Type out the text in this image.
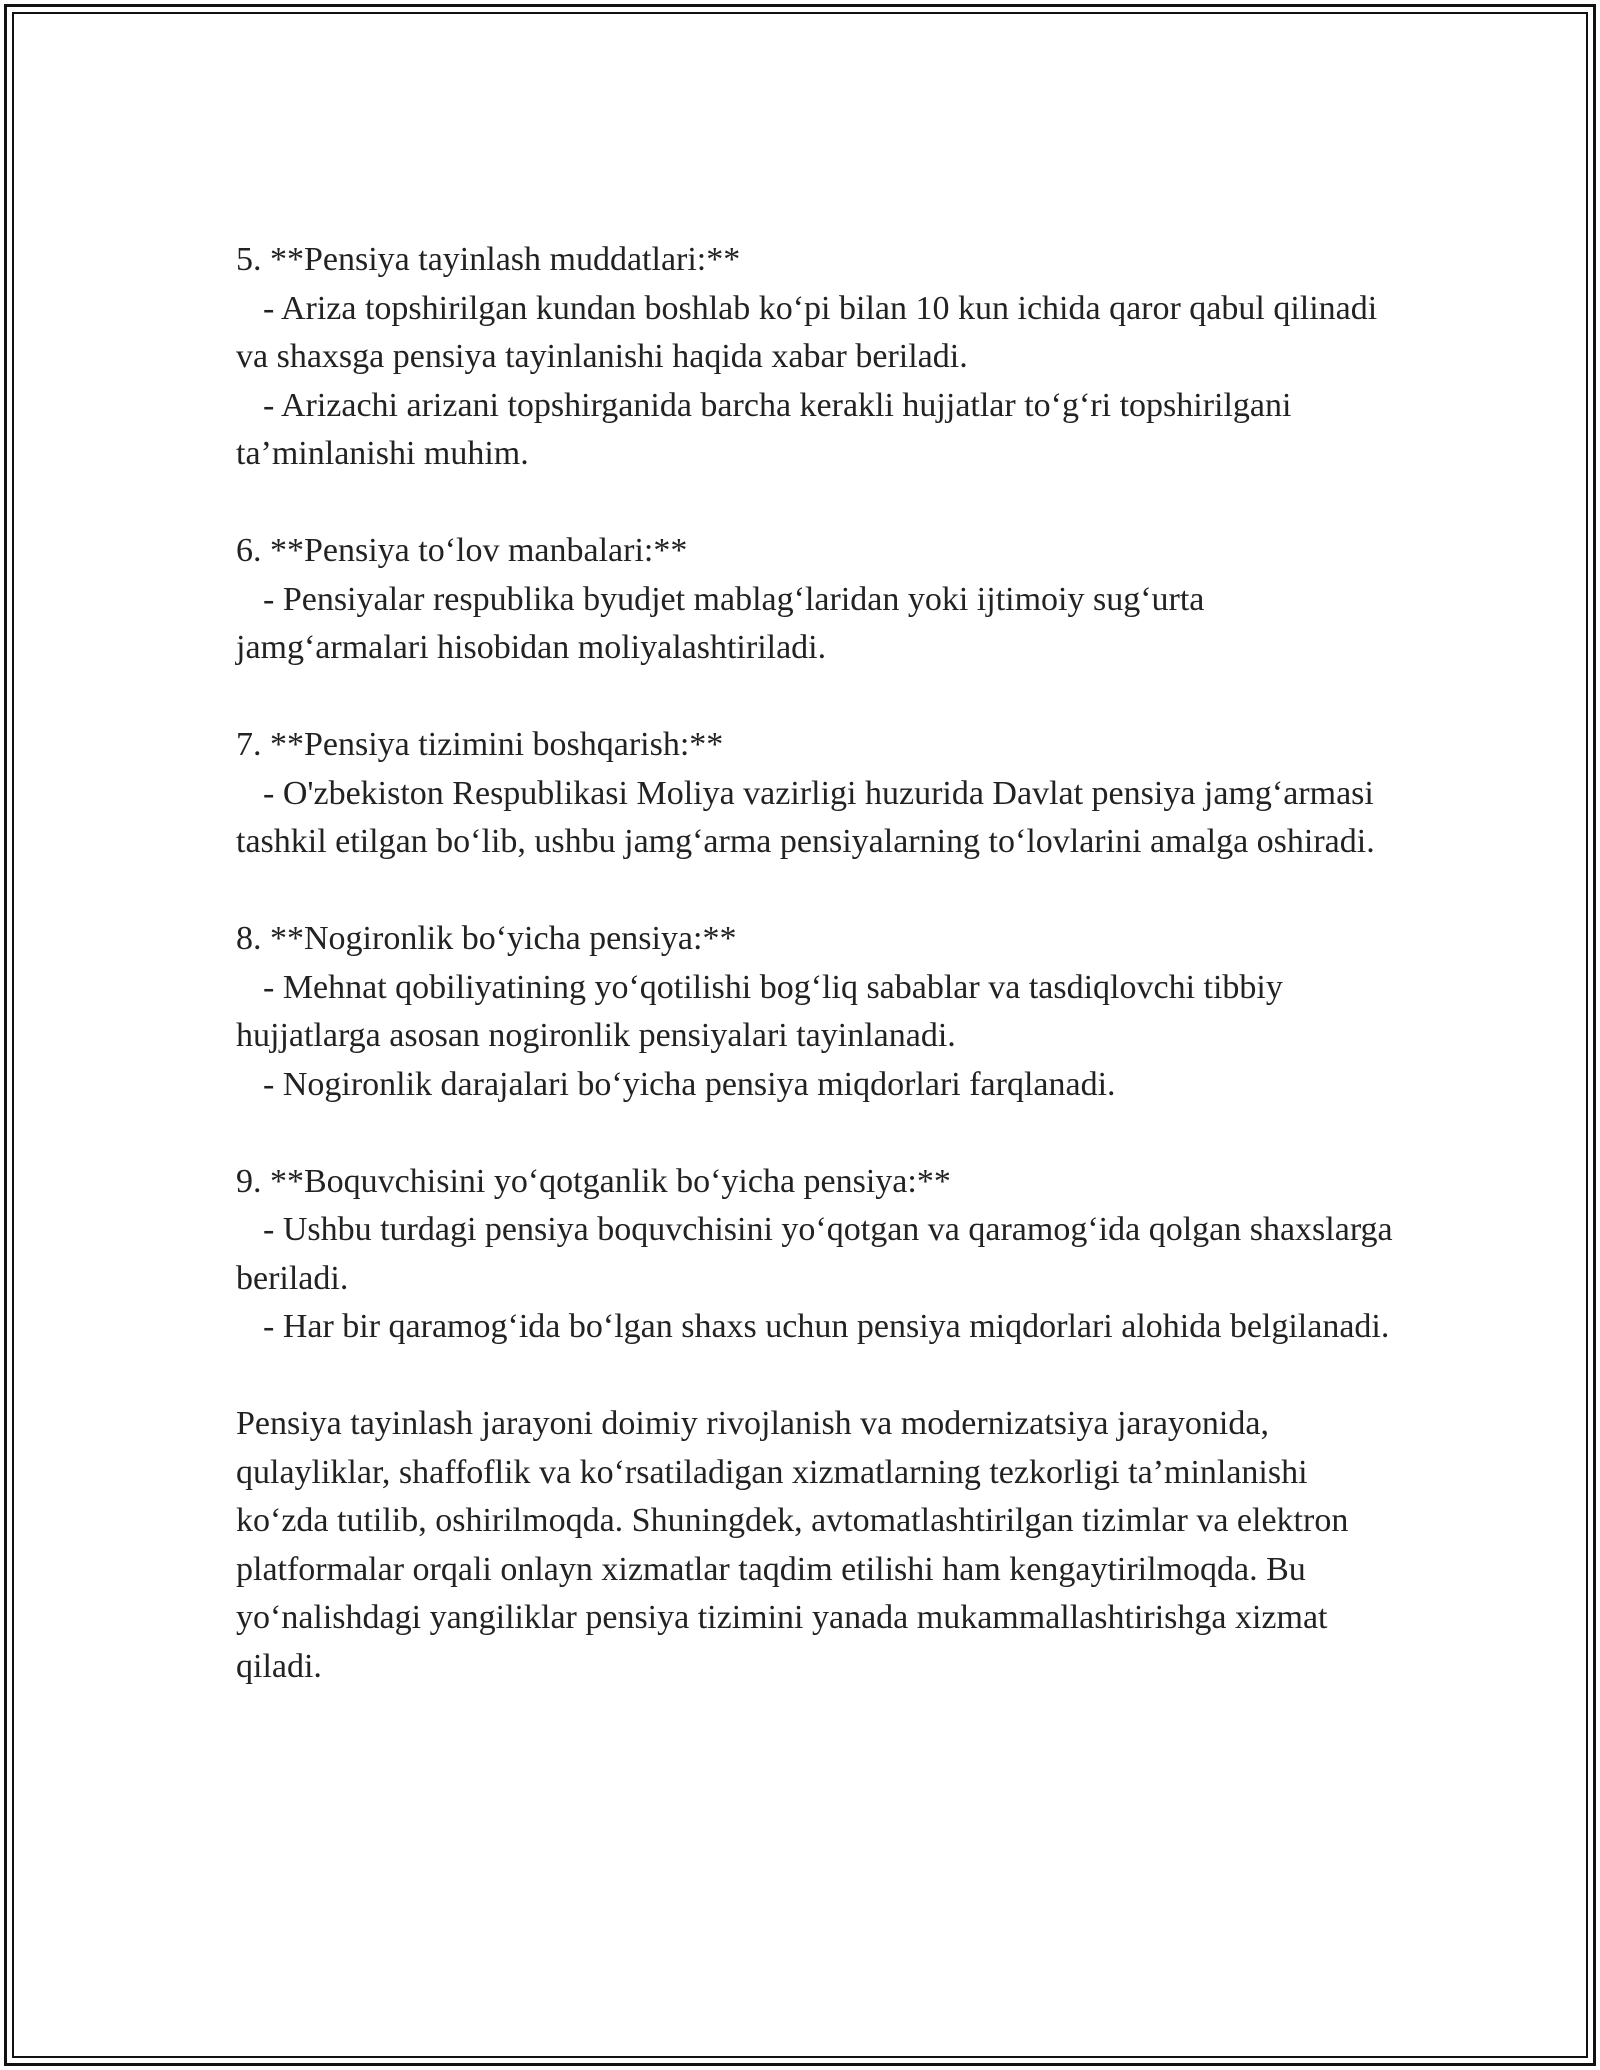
5. **Pensiya tayinlash muddatlari:**

- Ariza topshirilgan kundan boshlab ko‘pi bilan 10 kun ichida qaror qabul qilinadi va shaxsga pensiya tayinlanishi haqida xabar beriladi.

- Arizachi arizani topshirganida barcha kerakli hujjatlar to‘g‘ri topshirilgani ta’minlanishi muhim.

6. **Pensiya to‘lov manbalari:**

- Pensiyalar respublika byudjet mablag‘laridan yoki ijtimoiy sug‘urta jamg‘armalari hisobidan moliyalashtiriladi.

7. **Pensiya tizimini boshqarish:**

- O'zbekiston Respublikasi Moliya vazirligi huzurida Davlat pensiya jamg‘armasi tashkil etilgan bo‘lib, ushbu jamg‘arma pensiyalarning to‘lovlarini amalga oshiradi.

8. **Nogironlik bo‘yicha pensiya:**

- Mehnat qobiliyatining yo‘qotilishi bog‘liq sabablar va tasdiqlovchi tibbiy hujjatlarga asosan nogironlik pensiyalari tayinlanadi.

- Nogironlik darajalari bo‘yicha pensiya miqdorlari farqlanadi.

9. **Boquvchisini yo‘qotganlik bo‘yicha pensiya:**

- Ushbu turdagi pensiya boquvchisini yo‘qotgan va qaramog‘ida qolgan shaxslarga beriladi.

- Har bir qaramog‘ida bo‘lgan shaxs uchun pensiya miqdorlari alohida belgilanadi.

Pensiya tayinlash jarayoni doimiy rivojlanish va modernizatsiya jarayonida, qulayliklar, shaffoflik va ko‘rsatiladigan xizmatlarning tezkorligi ta’minlanishi ko‘zda tutilib, oshirilmoqda. Shuningdek, avtomatlashtirilgan tizimlar va elektron platformalar orqali onlayn xizmatlar taqdim etilishi ham kengaytirilmoqda. Bu yo‘nalishdagi yangiliklar pensiya tizimini yanada mukammallashtirishga xizmat qiladi.
